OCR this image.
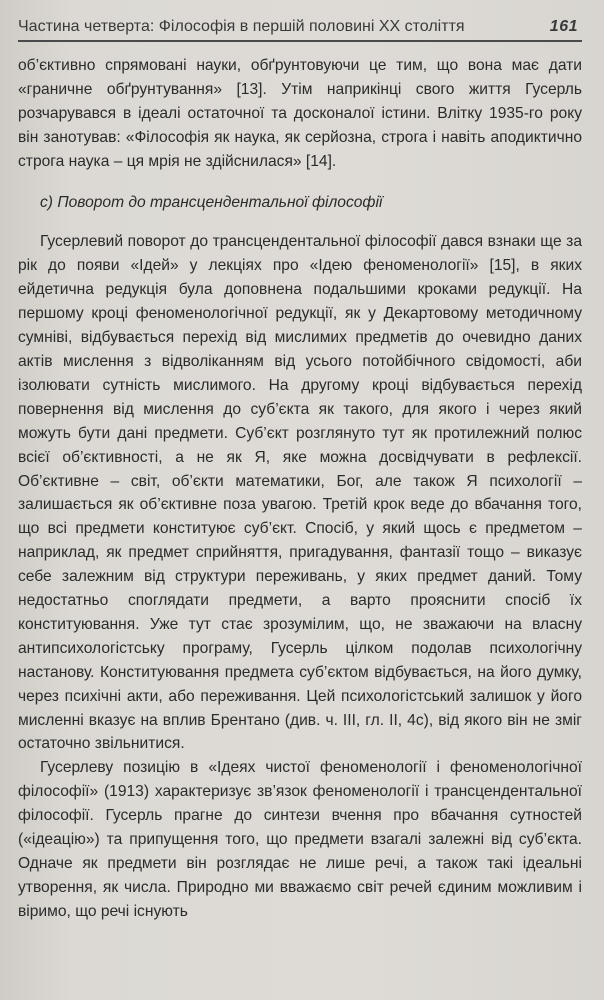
Частина четверта: Філософія в першій половині XX століття	161

об’єктивно спрямовані науки, обґрунтовуючи це тим, що вона має дати «граничне обґрунтування» [13]. Утім наприкінці свого життя Гусерль розчарувався в ідеалі остаточної та досконалої істини. Влітку 1935-го року він занотував: «Філософія як наука, як серйозна, строга і навіть аподиктично строга наука – ця мрія не здійснилася» [14].

c) Поворот до трансцендентальної філософії

Гусерлевий поворот до трансцендентальної філософії дався взнаки ще за рік до появи «Ідей» у лекціях про «Ідею феноменології» [15], в яких ейдетична редукція була доповнена подальшими кроками редукції. На першому кроці феноменологічної редукції, як у Декартовому методичному сумніві, відбувається перехід від мислимих предметів до очевидно даних актів мислення з відволіканням від усього потойбічного свідомості, аби ізолювати сутність мислимого. На другому кроці відбувається перехід повернення від мислення до суб’єкта як такого, для якого і через який можуть бути дані предмети. Суб’єкт розглянуто тут як протилежний полюс всієї об’єктивності, а не як Я, яке можна досвідчувати в рефлексії. Об’єктивне – світ, об’єкти математики, Бог, але також Я психології – залишається як об’єктивне поза увагою. Третій крок веде до вбачання того, що всі предмети конституює суб’єкт. Спосіб, у який щось є предметом – наприклад, як предмет сприйняття, пригадування, фантазії тощо – виказує себе залежним від структури переживань, у яких предмет даний. Тому недостатньо споглядати предмети, а варто прояснити спосіб їх конституювання. Уже тут стає зрозумілим, що, не зважаючи на власну антипсихологістську програму, Гусерль цілком подолав психологічну настанову. Конституювання предмета суб’єктом відбувається, на його думку, через психічні акти, або переживання. Цей психологістський залишок у його мисленні вказує на вплив Брентано (див. ч. III, гл. II, 4c), від якого він не зміг остаточно звільнитися.

Гусерлеву позицію в «Ідеях чистої феноменології і феноменологічної філософії» (1913) характеризує зв’язок феноменології і трансцендентальної філософії. Гусерль прагне до синтези вчення про вбачання сутностей («ідеацію») та припущення того, що предмети взагалі залежні від суб’єкта. Одначе як предмети він розглядає не лише речі, а також такі ідеальні утворення, як числа. Природно ми вважаємо світ речей єдиним можливим і віримо, що речі існують
